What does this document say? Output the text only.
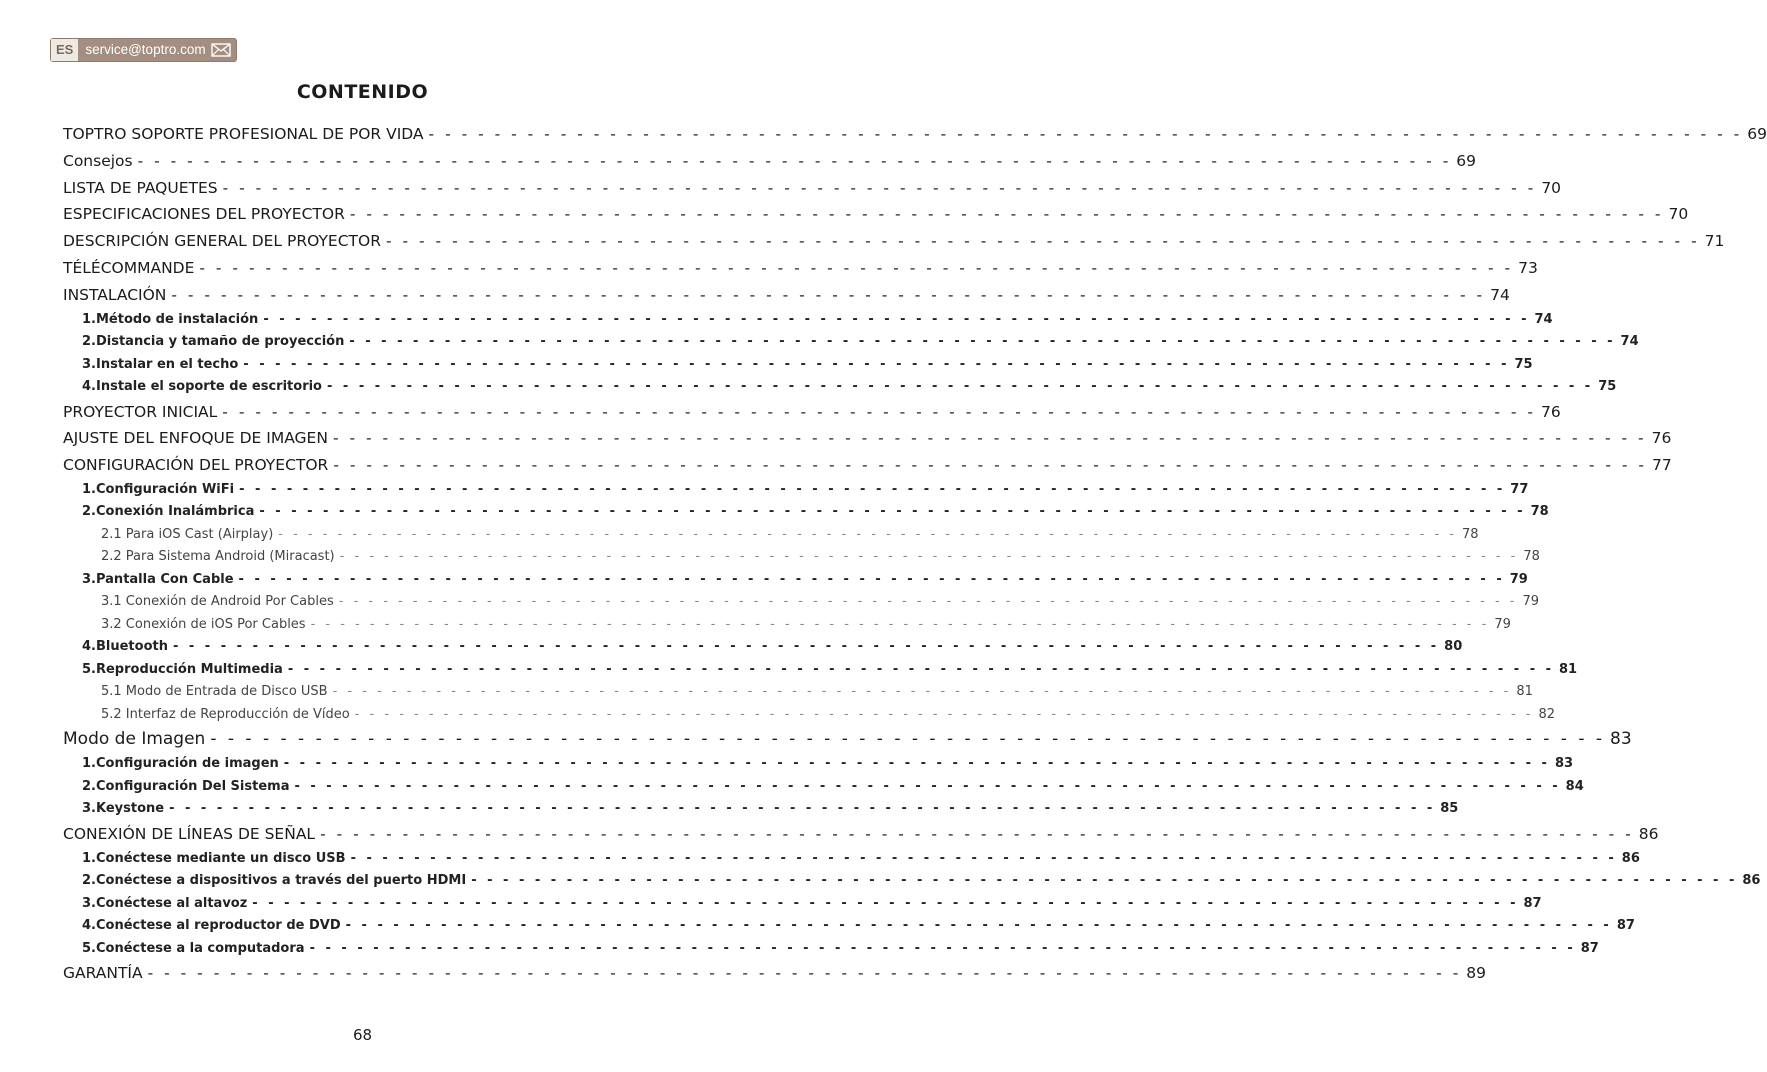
ES service@toptro.com
CONTENIDO
TOPTRO SOPORTE PROFESIONAL DE POR VIDA - - - - - - - - - - - - - - - - - - - - - - - - - - - - - - - - - - - - - - - - - - - - - - - - - - - - - - - - - - - - - - - - - - - - - - - - - - - - - - - - 69
Consejos - - - - - - - - - - - - - - - - - - - - - - - - - - - - - - - - - - - - - - - - - - - - - - - - - - - - - - - - - - - - - - - - - - - - - - - - - - - - - - - - 69
LISTA DE PAQUETES - - - - - - - - - - - - - - - - - - - - - - - - - - - - - - - - - - - - - - - - - - - - - - - - - - - - - - - - - - - - - - - - - - - - - - - - - - - - - - - - 70
ESPECIFICACIONES DEL PROYECTOR - - - - - - - - - - - - - - - - - - - - - - - - - - - - - - - - - - - - - - - - - - - - - - - - - - - - - - - - - - - - - - - - - - - - - - - - - - - - - - - - 70
DESCRIPCIÓN GENERAL DEL PROYECTOR - - - - - - - - - - - - - - - - - - - - - - - - - - - - - - - - - - - - - - - - - - - - - - - - - - - - - - - - - - - - - - - - - - - - - - - - - - - - - - - - 71
TÉLÉCOMMANDE - - - - - - - - - - - - - - - - - - - - - - - - - - - - - - - - - - - - - - - - - - - - - - - - - - - - - - - - - - - - - - - - - - - - - - - - - - - - - - - - 73
INSTALACIÓN - - - - - - - - - - - - - - - - - - - - - - - - - - - - - - - - - - - - - - - - - - - - - - - - - - - - - - - - - - - - - - - - - - - - - - - - - - - - - - - - 74
1.Método de instalación - - - - - - - - - - - - - - - - - - - - - - - - - - - - - - - - - - - - - - - - - - - - - - - - - - - - - - - - - - - - - - - - - - - - - - - - - - - - - - - - 74
2.Distancia y tamaño de proyección - - - - - - - - - - - - - - - - - - - - - - - - - - - - - - - - - - - - - - - - - - - - - - - - - - - - - - - - - - - - - - - - - - - - - - - - - - - - - - - - 74
3.Instalar en el techo - - - - - - - - - - - - - - - - - - - - - - - - - - - - - - - - - - - - - - - - - - - - - - - - - - - - - - - - - - - - - - - - - - - - - - - - - - - - - - - - 75
4.Instale el soporte de escritorio - - - - - - - - - - - - - - - - - - - - - - - - - - - - - - - - - - - - - - - - - - - - - - - - - - - - - - - - - - - - - - - - - - - - - - - - - - - - - - - - 75
PROYECTOR INICIAL - - - - - - - - - - - - - - - - - - - - - - - - - - - - - - - - - - - - - - - - - - - - - - - - - - - - - - - - - - - - - - - - - - - - - - - - - - - - - - - - 76
AJUSTE DEL ENFOQUE DE IMAGEN - - - - - - - - - - - - - - - - - - - - - - - - - - - - - - - - - - - - - - - - - - - - - - - - - - - - - - - - - - - - - - - - - - - - - - - - - - - - - - - - 76
CONFIGURACIÓN DEL PROYECTOR - - - - - - - - - - - - - - - - - - - - - - - - - - - - - - - - - - - - - - - - - - - - - - - - - - - - - - - - - - - - - - - - - - - - - - - - - - - - - - - - 77
1.Configuración WiFi - - - - - - - - - - - - - - - - - - - - - - - - - - - - - - - - - - - - - - - - - - - - - - - - - - - - - - - - - - - - - - - - - - - - - - - - - - - - - - - - 77
2.Conexión Inalámbrica - - - - - - - - - - - - - - - - - - - - - - - - - - - - - - - - - - - - - - - - - - - - - - - - - - - - - - - - - - - - - - - - - - - - - - - - - - - - - - - - 78
2.1 Para iOS Cast (Airplay) - - - - - - - - - - - - - - - - - - - - - - - - - - - - - - - - - - - - - - - - - - - - - - - - - - - - - - - - - - - - - - - - - - - - - - - - - - - - - - - - 78
2.2 Para Sistema Android (Miracast) - - - - - - - - - - - - - - - - - - - - - - - - - - - - - - - - - - - - - - - - - - - - - - - - - - - - - - - - - - - - - - - - - - - - - - - - - - - - - - - - 78
3.Pantalla Con Cable - - - - - - - - - - - - - - - - - - - - - - - - - - - - - - - - - - - - - - - - - - - - - - - - - - - - - - - - - - - - - - - - - - - - - - - - - - - - - - - - 79
3.1 Conexión de Android Por Cables - - - - - - - - - - - - - - - - - - - - - - - - - - - - - - - - - - - - - - - - - - - - - - - - - - - - - - - - - - - - - - - - - - - - - - - - - - - - - - - - 79
3.2 Conexión de iOS Por Cables - - - - - - - - - - - - - - - - - - - - - - - - - - - - - - - - - - - - - - - - - - - - - - - - - - - - - - - - - - - - - - - - - - - - - - - - - - - - - - - - 79
4.Bluetooth - - - - - - - - - - - - - - - - - - - - - - - - - - - - - - - - - - - - - - - - - - - - - - - - - - - - - - - - - - - - - - - - - - - - - - - - - - - - - - - - 80
5.Reproducción Multimedia - - - - - - - - - - - - - - - - - - - - - - - - - - - - - - - - - - - - - - - - - - - - - - - - - - - - - - - - - - - - - - - - - - - - - - - - - - - - - - - - 81
5.1 Modo de Entrada de Disco USB - - - - - - - - - - - - - - - - - - - - - - - - - - - - - - - - - - - - - - - - - - - - - - - - - - - - - - - - - - - - - - - - - - - - - - - - - - - - - - - - 81
5.2 Interfaz de Reproducción de Vídeo - - - - - - - - - - - - - - - - - - - - - - - - - - - - - - - - - - - - - - - - - - - - - - - - - - - - - - - - - - - - - - - - - - - - - - - - - - - - - - - - 82
Modo de Imagen - - - - - - - - - - - - - - - - - - - - - - - - - - - - - - - - - - - - - - - - - - - - - - - - - - - - - - - - - - - - - - - - - - - - - - - - - - - - - - - - 83
1.Configuración de imagen - - - - - - - - - - - - - - - - - - - - - - - - - - - - - - - - - - - - - - - - - - - - - - - - - - - - - - - - - - - - - - - - - - - - - - - - - - - - - - - - 83
2.Configuración Del Sistema - - - - - - - - - - - - - - - - - - - - - - - - - - - - - - - - - - - - - - - - - - - - - - - - - - - - - - - - - - - - - - - - - - - - - - - - - - - - - - - - 84
3.Keystone - - - - - - - - - - - - - - - - - - - - - - - - - - - - - - - - - - - - - - - - - - - - - - - - - - - - - - - - - - - - - - - - - - - - - - - - - - - - - - - - 85
CONEXIÓN DE LÍNEAS DE SEÑAL - - - - - - - - - - - - - - - - - - - - - - - - - - - - - - - - - - - - - - - - - - - - - - - - - - - - - - - - - - - - - - - - - - - - - - - - - - - - - - - - 86
1.Conéctese mediante un disco USB - - - - - - - - - - - - - - - - - - - - - - - - - - - - - - - - - - - - - - - - - - - - - - - - - - - - - - - - - - - - - - - - - - - - - - - - - - - - - - - - 86
2.Conéctese a dispositivos a través del puerto HDMI - - - - - - - - - - - - - - - - - - - - - - - - - - - - - - - - - - - - - - - - - - - - - - - - - - - - - - - - - - - - - - - - - - - - - - - - - - - - - - - - 86
3.Conéctese al altavoz - - - - - - - - - - - - - - - - - - - - - - - - - - - - - - - - - - - - - - - - - - - - - - - - - - - - - - - - - - - - - - - - - - - - - - - - - - - - - - - - 87
4.Conéctese al reproductor de DVD - - - - - - - - - - - - - - - - - - - - - - - - - - - - - - - - - - - - - - - - - - - - - - - - - - - - - - - - - - - - - - - - - - - - - - - - - - - - - - - - 87
5.Conéctese a la computadora - - - - - - - - - - - - - - - - - - - - - - - - - - - - - - - - - - - - - - - - - - - - - - - - - - - - - - - - - - - - - - - - - - - - - - - - - - - - - - - - 87
GARANTÍA - - - - - - - - - - - - - - - - - - - - - - - - - - - - - - - - - - - - - - - - - - - - - - - - - - - - - - - - - - - - - - - - - - - - - - - - - - - - - - - - 89
68
